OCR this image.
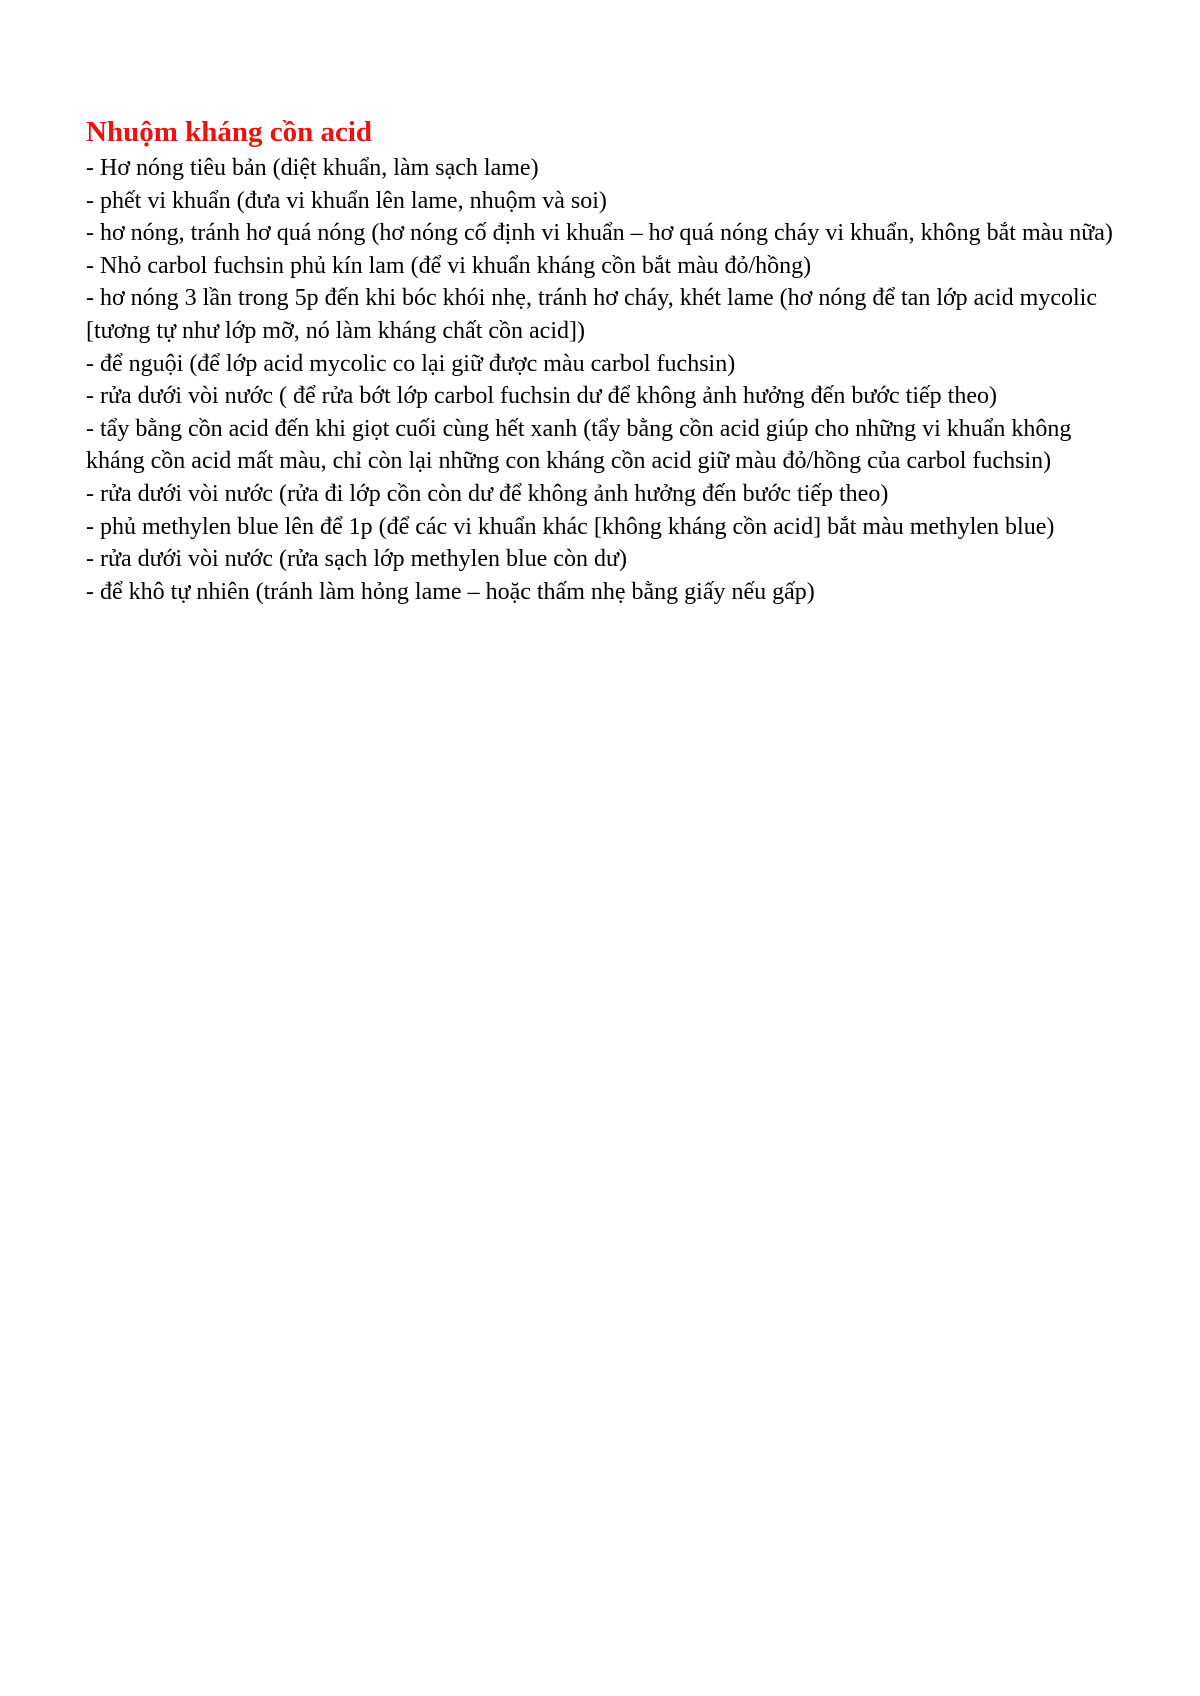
Nhuộm kháng cồn acid

- Hơ nóng tiêu bản (diệt khuẩn, làm sạch lame)

- phết vi khuẩn (đưa vi khuẩn lên lame, nhuộm và soi)

- hơ nóng, tránh hơ quá nóng (hơ nóng cố định vi khuẩn – hơ quá nóng cháy vi khuẩn, không bắt màu nữa)

- Nhỏ carbol fuchsin phủ kín lam (để vi khuẩn kháng cồn bắt màu đỏ/hồng)

- hơ nóng 3 lần trong 5p đến khi bóc khói nhẹ, tránh hơ cháy, khét lame (hơ nóng để tan lớp acid mycolic [tương tự như lớp mỡ, nó làm kháng chất cồn acid])

- để nguội (để lớp acid mycolic co lại giữ được màu carbol fuchsin)

- rửa dưới vòi nước ( để rửa bớt lớp carbol fuchsin dư để không ảnh hưởng đến bước tiếp theo)

- tẩy bằng cồn acid đến khi giọt cuối cùng hết xanh (tẩy bằng cồn acid giúp cho những vi khuẩn không kháng cồn acid mất màu, chỉ còn lại những con kháng cồn acid giữ màu đỏ/hồng của carbol fuchsin)

- rửa dưới vòi nước (rửa đi lớp cồn còn dư để không ảnh hưởng đến bước tiếp theo)

- phủ methylen blue lên để 1p (để các vi khuẩn khác [không kháng cồn acid] bắt màu methylen blue)

- rửa dưới vòi nước (rửa sạch lớp methylen blue còn dư)

- để khô tự nhiên (tránh làm hỏng lame – hoặc thấm nhẹ bằng giấy nếu gấp)
